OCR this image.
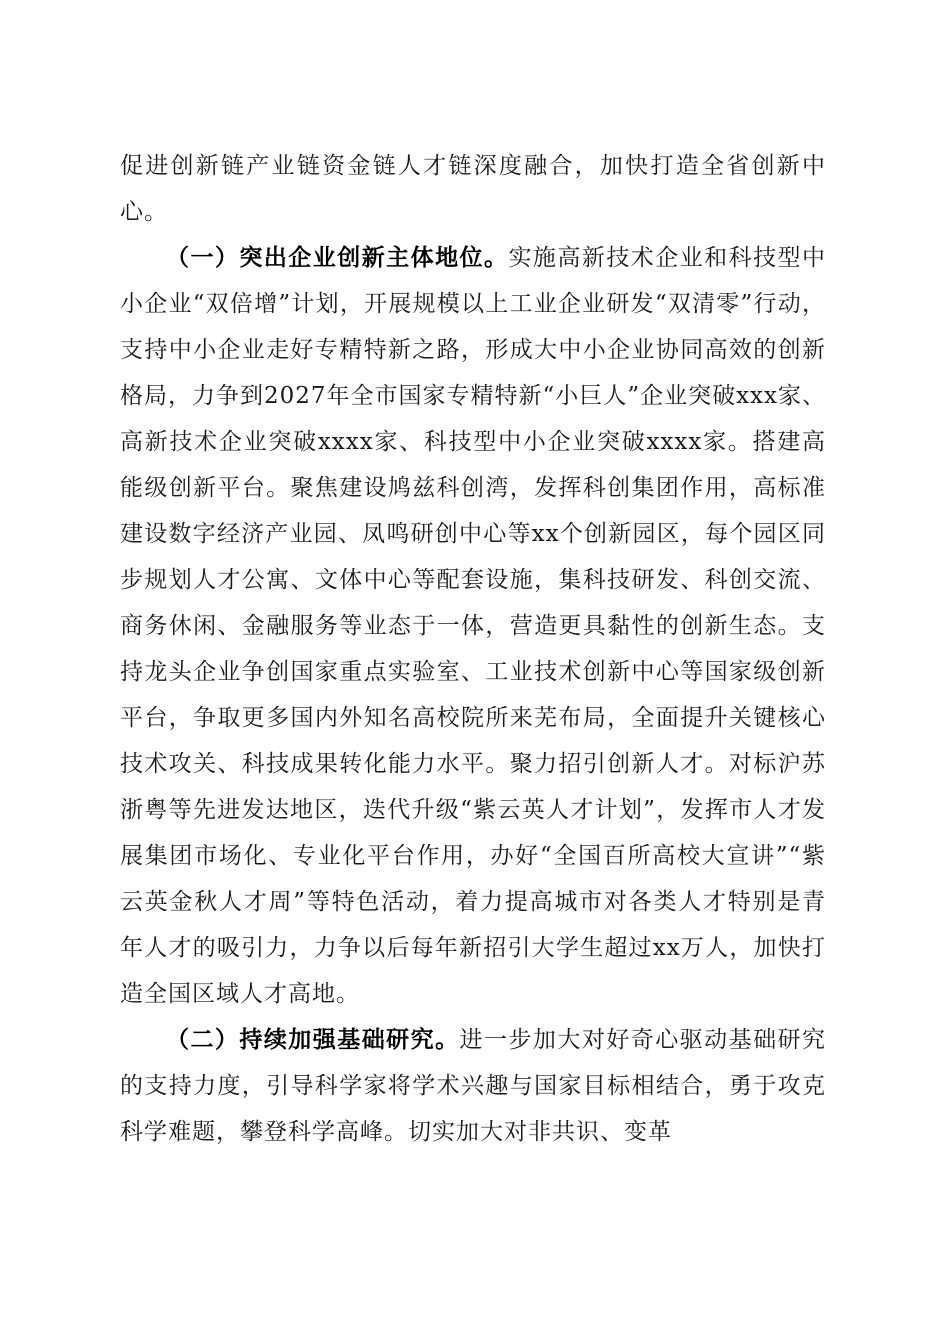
促进创新链产业链资金链人才链深度融合，加快打造全省创新中心。

（一）突出企业创新主体地位。实施高新技术企业和科技型中小企业“双倍增”计划，开展规模以上工业企业研发“双清零”行动，支持中小企业走好专精特新之路，形成大中小企业协同高效的创新格局，力争到2027年全市国家专精特新“小巨人”企业突破xxx家、高新技术企业突破xxxx家、科技型中小企业突破xxxx家。搭建高能级创新平台。聚焦建设鸠兹科创湾，发挥科创集团作用，高标准建设数字经济产业园、凤鸣研创中心等xx个创新园区，每个园区同步规划人才公寓、文体中心等配套设施，集科技研发、科创交流、商务休闲、金融服务等业态于一体，营造更具黏性的创新生态。支持龙头企业争创国家重点实验室、工业技术创新中心等国家级创新平台，争取更多国内外知名高校院所来芜布局，全面提升关键核心技术攻关、科技成果转化能力水平。聚力招引创新人才。对标沪苏浙粤等先进发达地区，迭代升级“紫云英人才计划”，发挥市人才发展集团市场化、专业化平台作用，办好“全国百所高校大宣讲”“紫云英金秋人才周”等特色活动，着力提高城市对各类人才特别是青年人才的吸引力，力争以后每年新招引大学生超过xx万人，加快打造全国区域人才高地。

（二）持续加强基础研究。进一步加大对好奇心驱动基础研究的支持力度，引导科学家将学术兴趣与国家目标相结合，勇于攻克科学难题，攀登科学高峰。切实加大对非共识、变革
